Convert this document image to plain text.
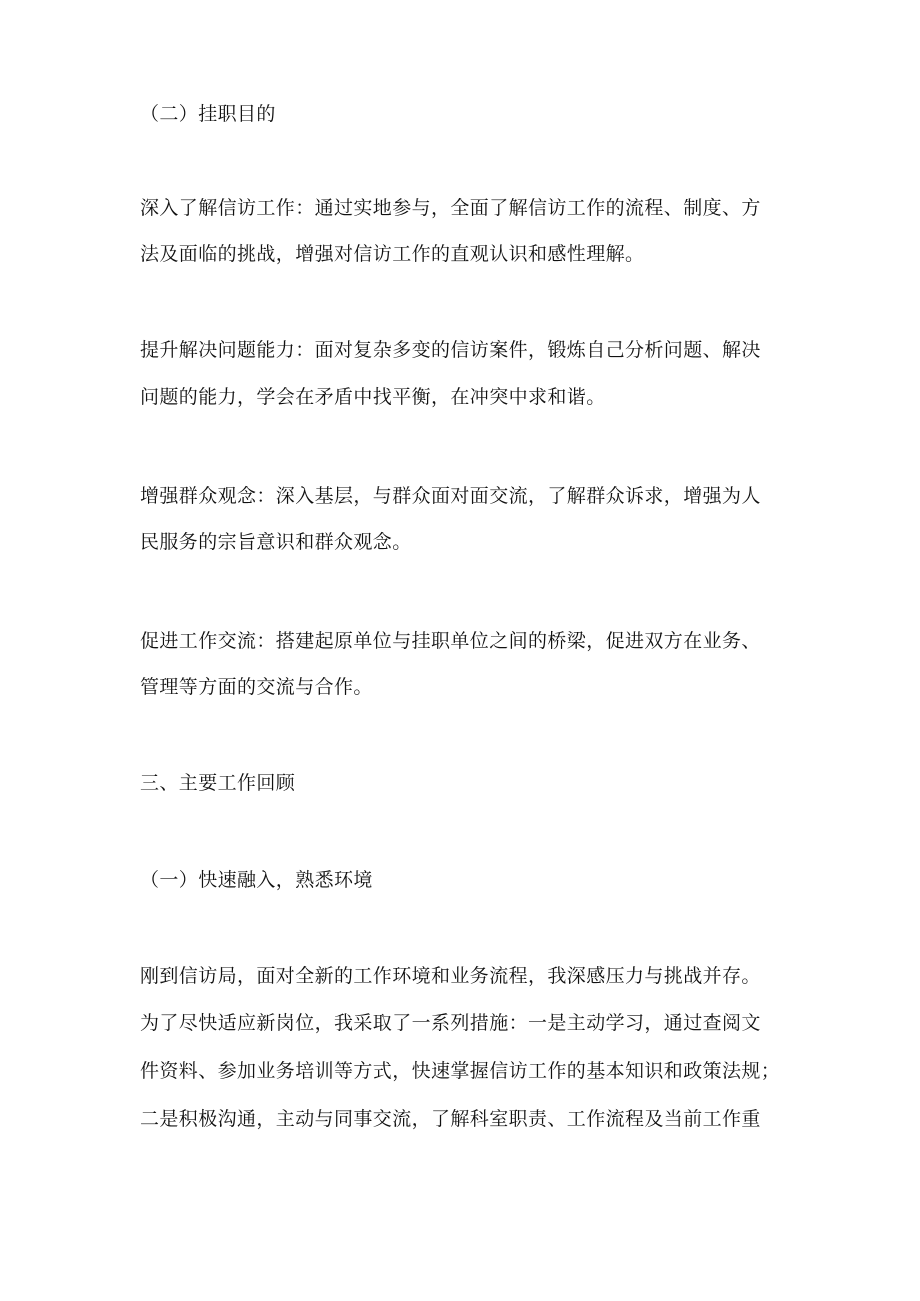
（二）挂职目的
深入了解信访工作：通过实地参与，全面了解信访工作的流程、制度、方
法及面临的挑战，增强对信访工作的直观认识和感性理解。
提升解决问题能力：面对复杂多变的信访案件，锻炼自己分析问题、解决
问题的能力，学会在矛盾中找平衡，在冲突中求和谐。
增强群众观念：深入基层，与群众面对面交流，了解群众诉求，增强为人
民服务的宗旨意识和群众观念。
促进工作交流：搭建起原单位与挂职单位之间的桥梁，促进双方在业务、
管理等方面的交流与合作。
三、主要工作回顾
（一）快速融入，熟悉环境
刚到信访局，面对全新的工作环境和业务流程，我深感压力与挑战并存。
为了尽快适应新岗位，我采取了一系列措施：一是主动学习，通过查阅文
件资料、参加业务培训等方式，快速掌握信访工作的基本知识和政策法规；
二是积极沟通，主动与同事交流，了解科室职责、工作流程及当前工作重
